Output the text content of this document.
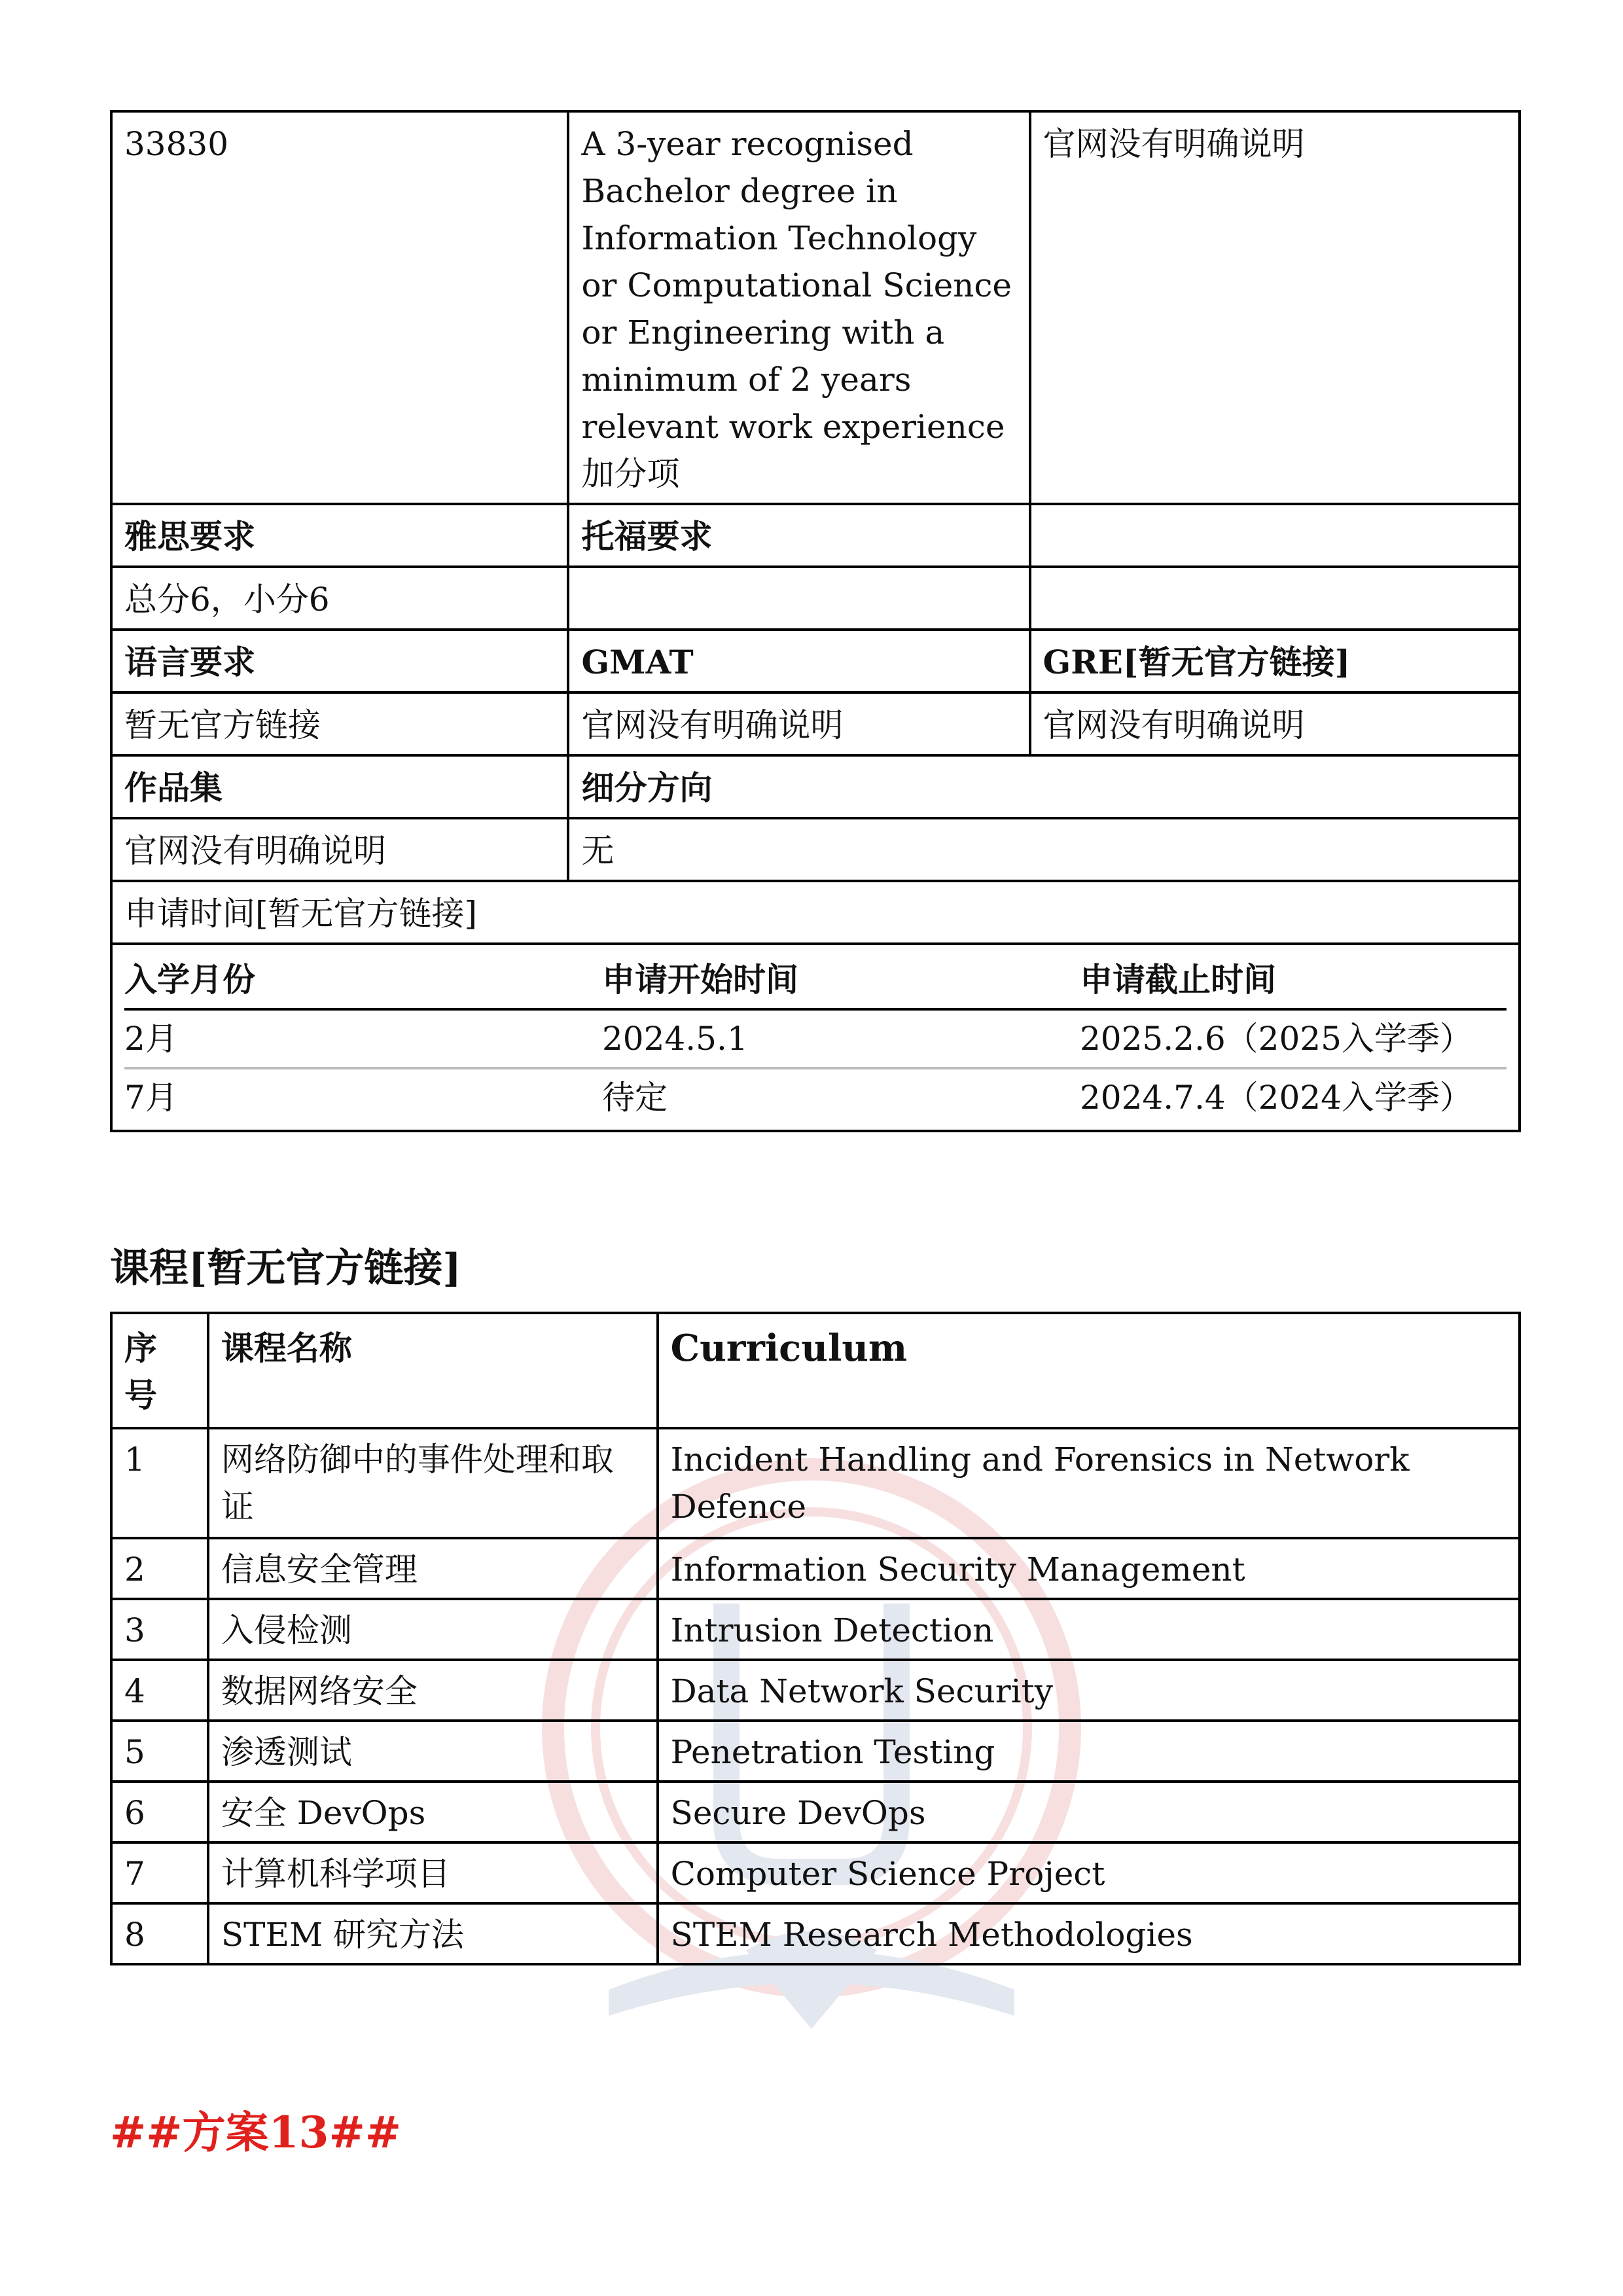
33830	A 3-year recognised Bachelor degree in Information Technology or Computational Science or Engineering with a minimum of 2 years relevant work experience加分项	官网没有明确说明
雅思要求	托福要求	
总分6，小分6		
语言要求	GMAT	GRE[暂无官方链接]
暂无官方链接	官网没有明确说明	官网没有明确说明
作品集	细分方向
官网没有明确说明	无
申请时间[暂无官方链接]

入学月份	申请开始时间	申请截止时间
2月	2024.5.1	2025.2.6（2025入学季）
7月	待定	2024.7.4（2024入学季）
课程[暂无官方链接]
序号	课程名称	Curriculum
1	网络防御中的事件处理和取证	Incident Handling and Forensics in Network Defence
2	信息安全管理	Information Security Management
3	入侵检测	Intrusion Detection
4	数据网络安全	Data Network Security
5	渗透测试	Penetration Testing
6	安全 DevOps	Secure DevOps
7	计算机科学项目	Computer Science Project
8	STEM 研究方法	STEM Research Methodologies
##方案13##
